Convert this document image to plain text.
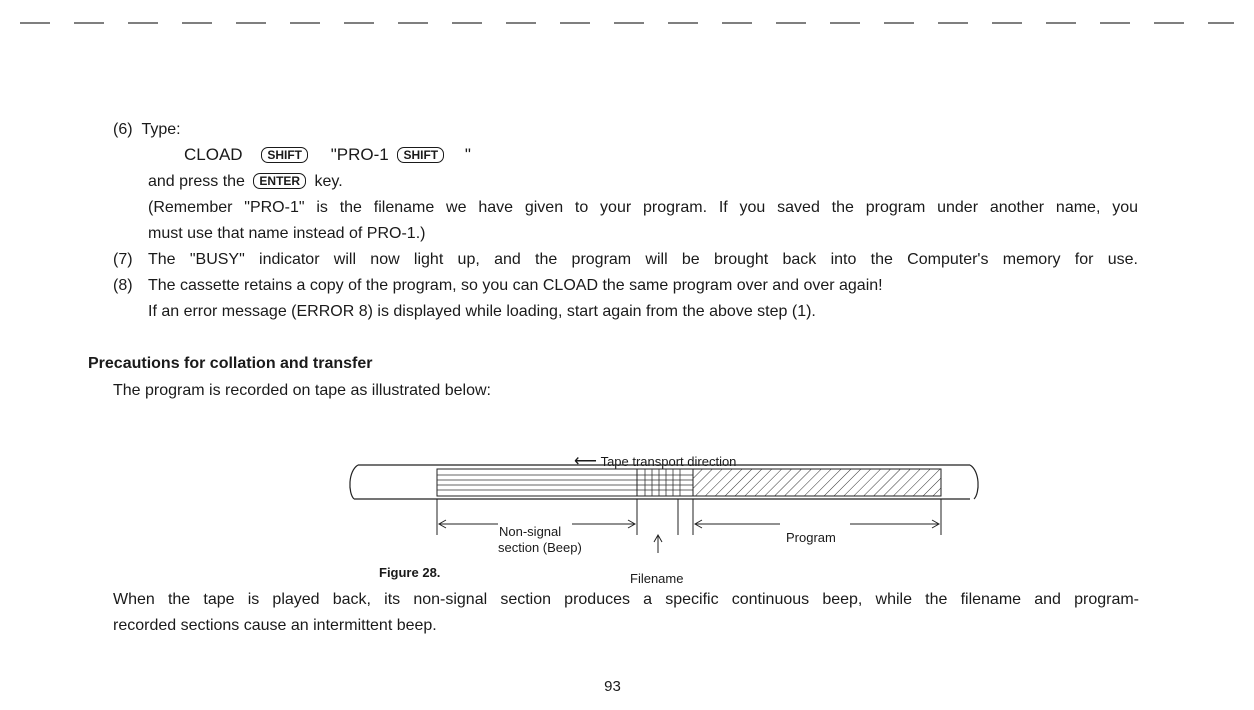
(6) Type:

CLOAD SHIFT "PRO-1 SHIFT "

and press the ENTER key.

(Remember "PRO-1" is the filename we have given to your program. If you saved the program under another name, you

must use that name instead of PRO-1.)

(7) The "BUSY" indicator will now light up, and the program will be brought back into the Computer's memory for use.

(8) The cassette retains a copy of the program, so you can CLOAD the same program over and over again!

If an error message (ERROR 8) is displayed while loading, start again from the above step (1).

Precautions for collation and transfer

The program is recorded on tape as illustrated below:

⟵ Tape transport direction

Non-signal

section (Beep)

Program

Filename

Figure 28.

When the tape is played back, its non-signal section produces a specific continuous beep, while the filename and program-

recorded sections cause an intermittent beep.

93
